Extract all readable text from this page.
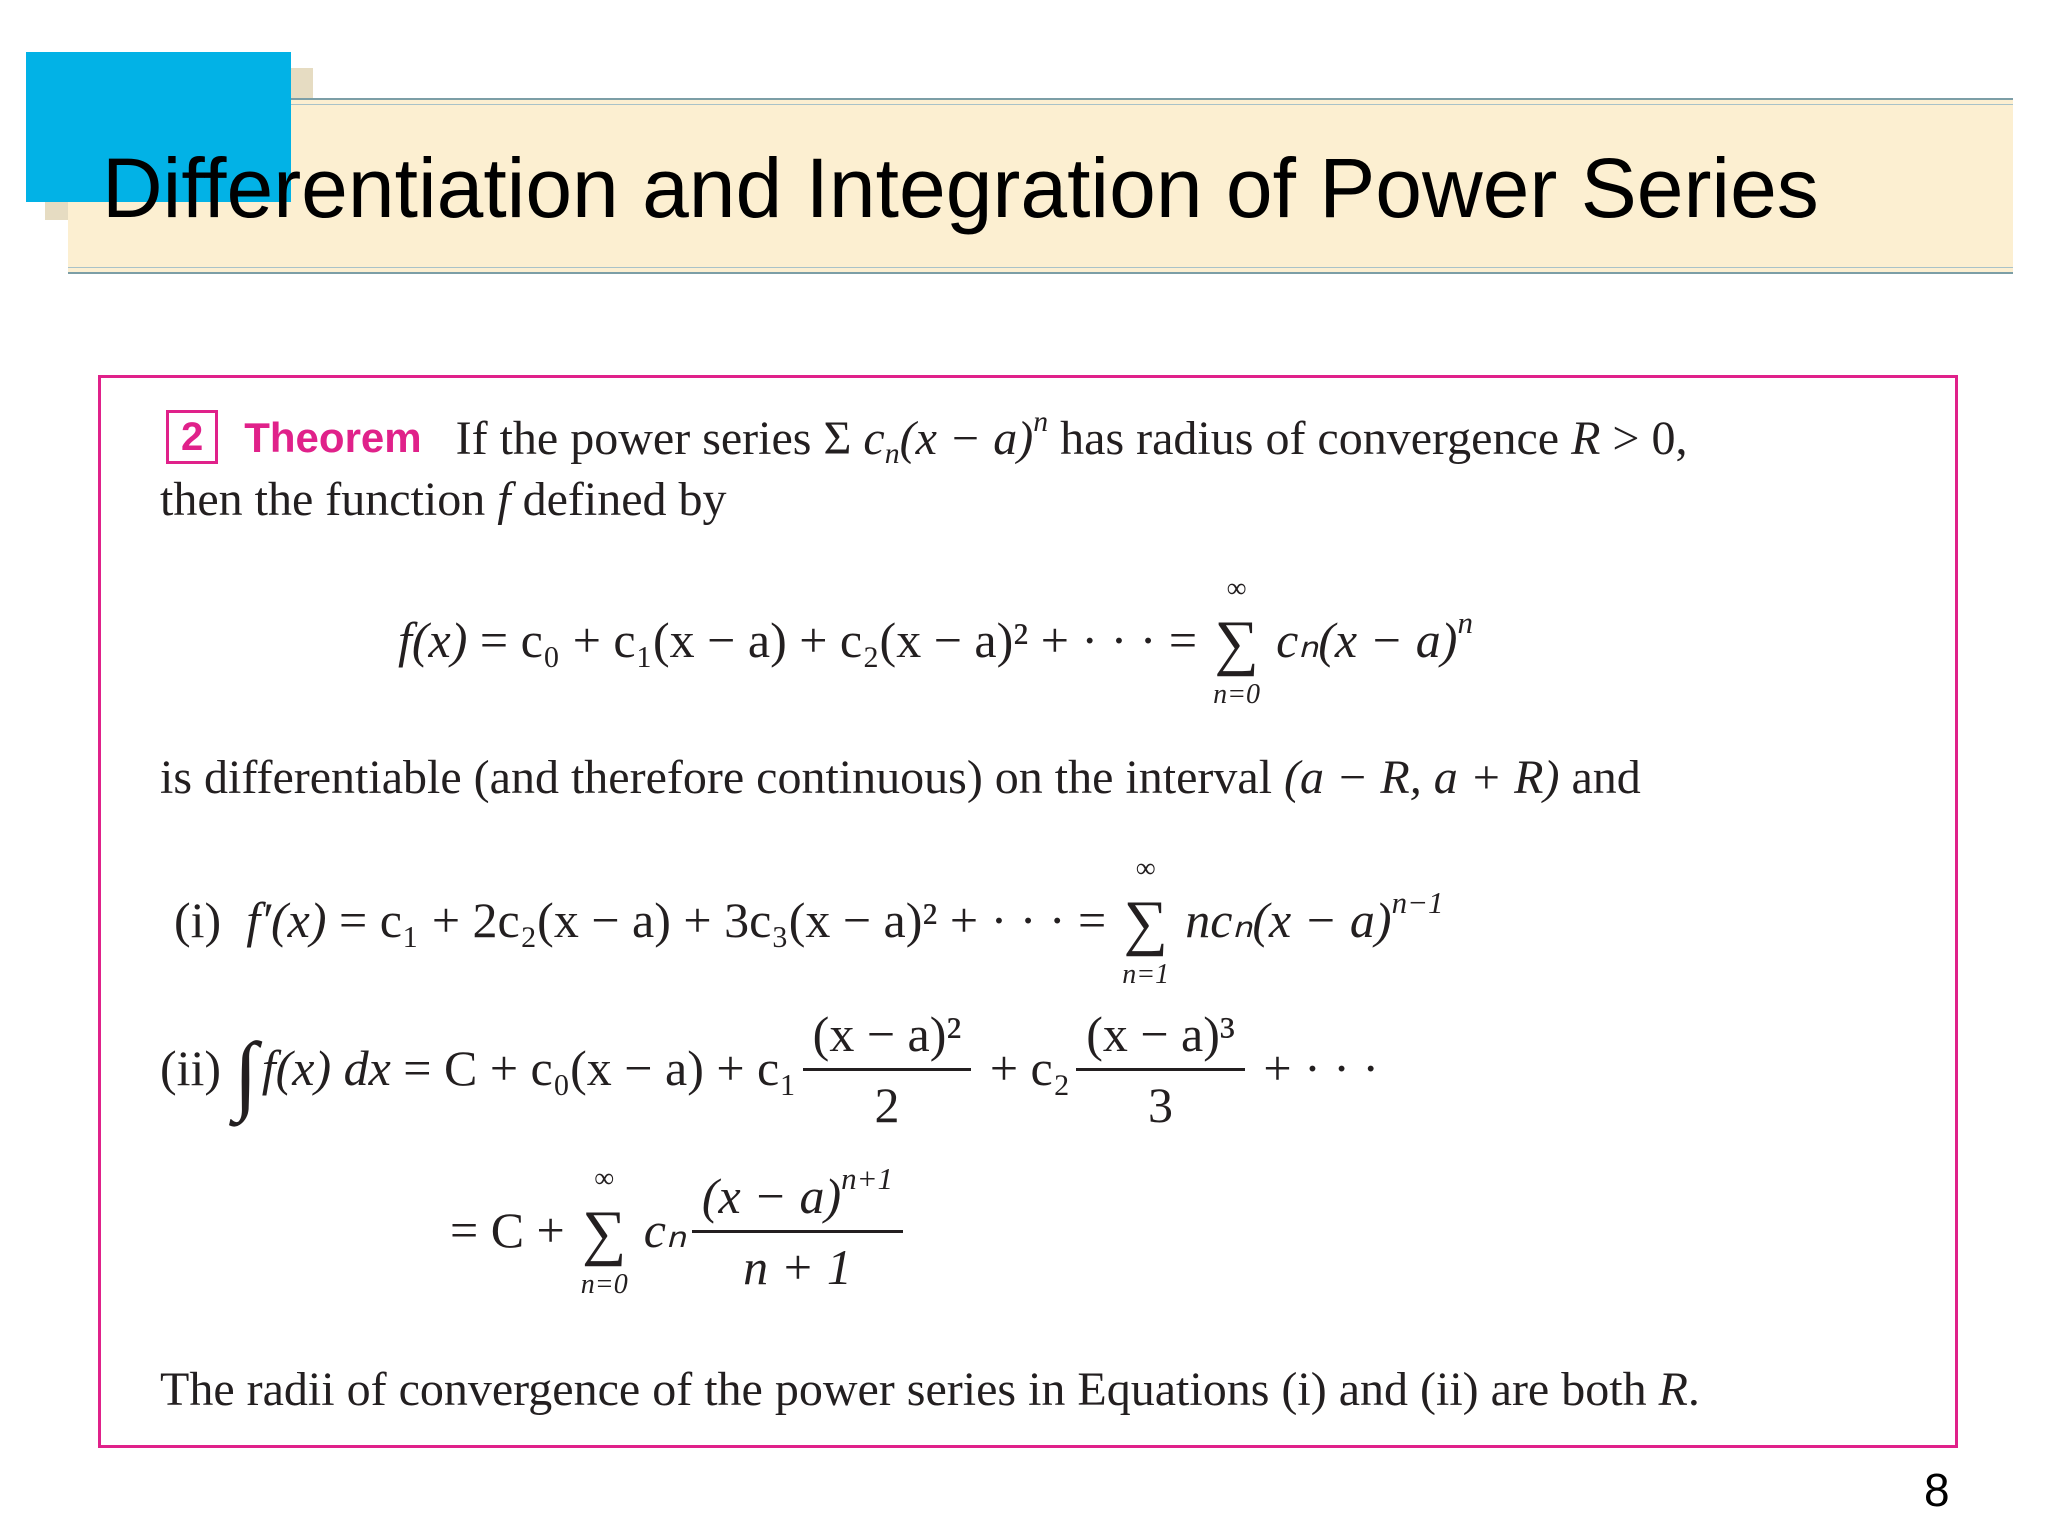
Differentiation and Integration of Power Series
2 Theorem If the power series Σ $c_n(x - a)^n$ has radius of convergence R > 0,
then the function f defined by
f(x) = c₀ + c₁(x − a) + c₂(x − a)² + · · · = ∑
∞
n=0
$c_n(x - a)^n$
is differentiable (and therefore continuous) on the interval (a − R, a + R) and
(i) f′(x) = c₁ + 2c₂(x − a) + 3c₃(x − a)² + · · · = ∑
∞
n=1
$nc_n(x - a)^{n-1}$
(ii) ∫f(x) dx = $C + c_0(x - a) + c_1 \frac{\text{(x − a)²}}{2} + c_2 \frac{\text{(x − a)³}}{3}$ + · · ·
= C + ∑
∞
n=0
cₙ $\frac{(x - a)^{n+1}}{n + 1}$
The radii of convergence of the power series in Equations (i) and (ii) are both R.

8
